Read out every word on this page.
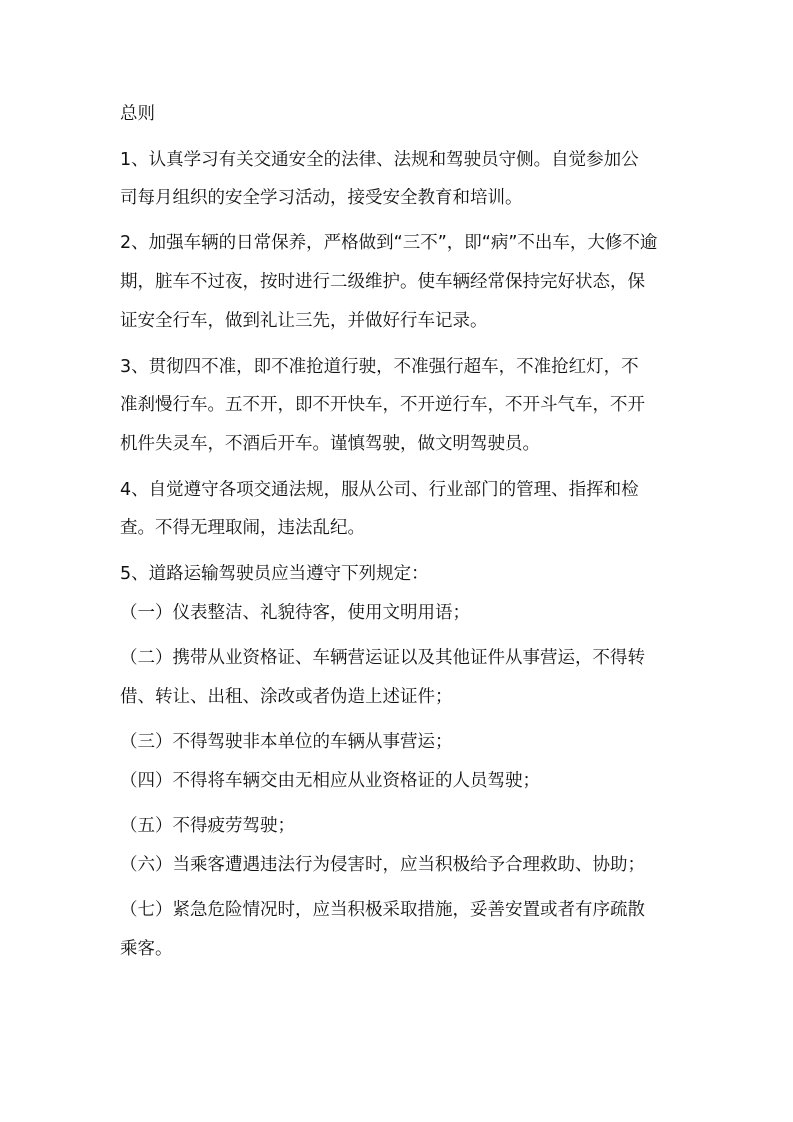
总则
1、认真学习有关交通安全的法律、法规和驾驶员守侧。自觉参加公
司每月组织的安全学习活动，接受安全教育和培训。
2、加强车辆的日常保养，严格做到“三不”，即“病”不出车，大修不逾
期，脏车不过夜，按时进行二级维护。使车辆经常保持完好状态，保
证安全行车，做到礼让三先，并做好行车记录。
3、贯彻四不准，即不准抢道行驶，不准强行超车，不准抢红灯，不
准刹慢行车。五不开，即不开快车，不开逆行车，不开斗气车，不开
机件失灵车，不酒后开车。谨慎驾驶，做文明驾驶员。
4、自觉遵守各项交通法规，服从公司、行业部门的管理、指挥和检
查。不得无理取闹，违法乱纪。
5、道路运输驾驶员应当遵守下列规定：
（一）仪表整洁、礼貌待客，使用文明用语；
（二）携带从业资格证、车辆营运证以及其他证件从事营运，不得转
借、转让、出租、涂改或者伪造上述证件；
（三）不得驾驶非本单位的车辆从事营运；
（四）不得将车辆交由无相应从业资格证的人员驾驶；
（五）不得疲劳驾驶；
（六）当乘客遭遇违法行为侵害时，应当积极给予合理救助、协助；
（七）紧急危险情况时，应当积极采取措施，妥善安置或者有序疏散
乘客。
